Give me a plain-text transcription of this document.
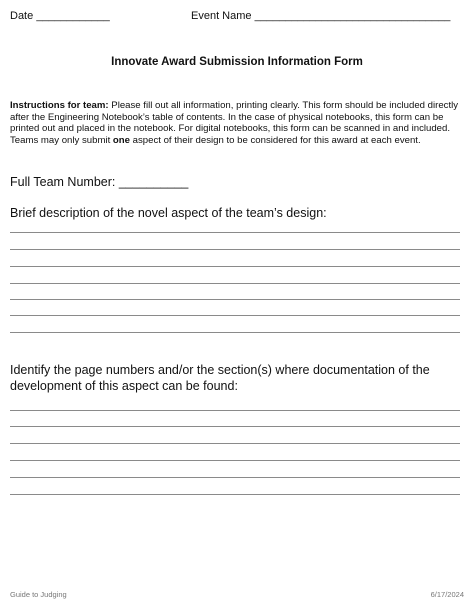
Date ____________	Event Name ________________________________
Innovate Award Submission Information Form
Instructions for team: Please fill out all information, printing clearly. This form should be included directly after the Engineering Notebook’s table of contents. In the case of physical notebooks, this form can be printed out and placed in the notebook. For digital notebooks, this form can be scanned in and included. Teams may only submit one aspect of their design to be considered for this award at each event.
Full Team Number: __________
Brief description of the novel aspect of the team’s design:
Identify the page numbers and/or the section(s) where documentation of the development of this aspect can be found:
Guide to Judging	6/17/2024
